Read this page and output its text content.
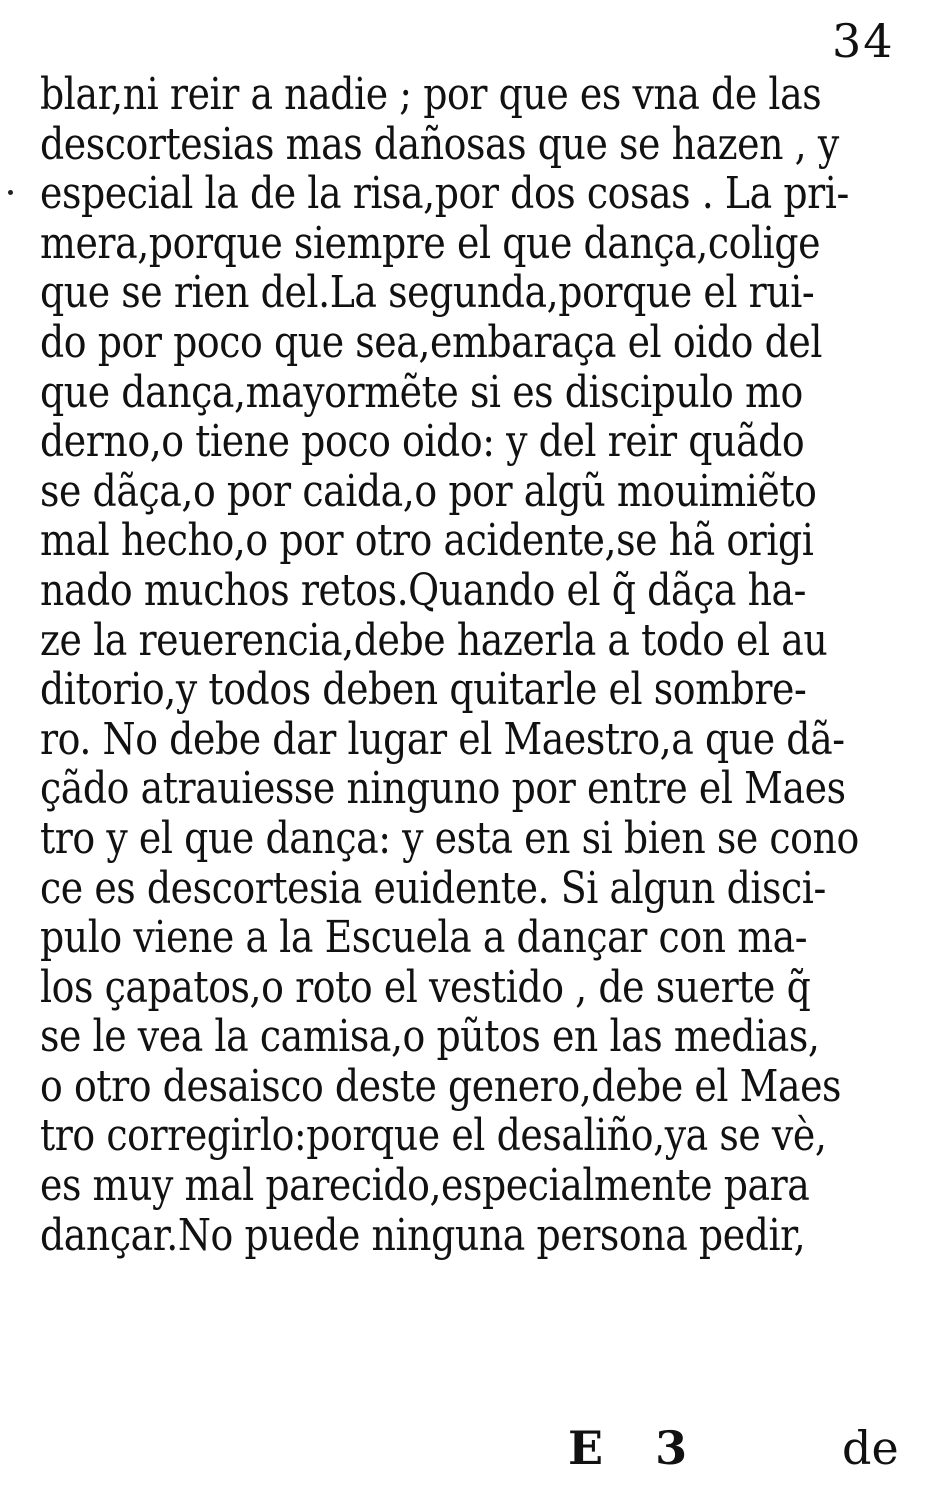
34
blar,ni reir a nadie ; por que es vna de las
descortesias mas dañosas que se hazen , y
especial la de la risa,por dos cosas . La pri-
mera,porque siempre el que dança,colige
que se rien del.La segunda,porque el rui-
do por poco que sea,embaraça el oido del
que dança,mayormẽte si es discipulo mo
derno,o tiene poco oido: y del reir quãdo
se dãça,o por caida,o por algũ mouimiẽto
mal hecho,o por otro acidente,se hã origi
nado muchos retos.Quando el q̃ dãça ha-
ze la reuerencia,debe hazerla a todo el au
ditorio,y todos deben quitarle el sombre-
ro. No debe dar lugar el Maestro,a que dã-
çãdo atrauiesse ninguno por entre el Maes
tro y el que dança: y esta en si bien se cono
ce es descortesia euidente. Si algun disci-
pulo viene a la Escuela a dançar con ma-
los çapatos,o roto el vestido , de suerte q̃
se le vea la camisa,o pũtos en las medias,
o otro desaisco deste genero,debe el Maes
tro corregirlo:porque el desaliño,ya se vè,
es muy mal parecido,especialmente para
dançar.No puede ninguna persona pedir,
E 3	de
